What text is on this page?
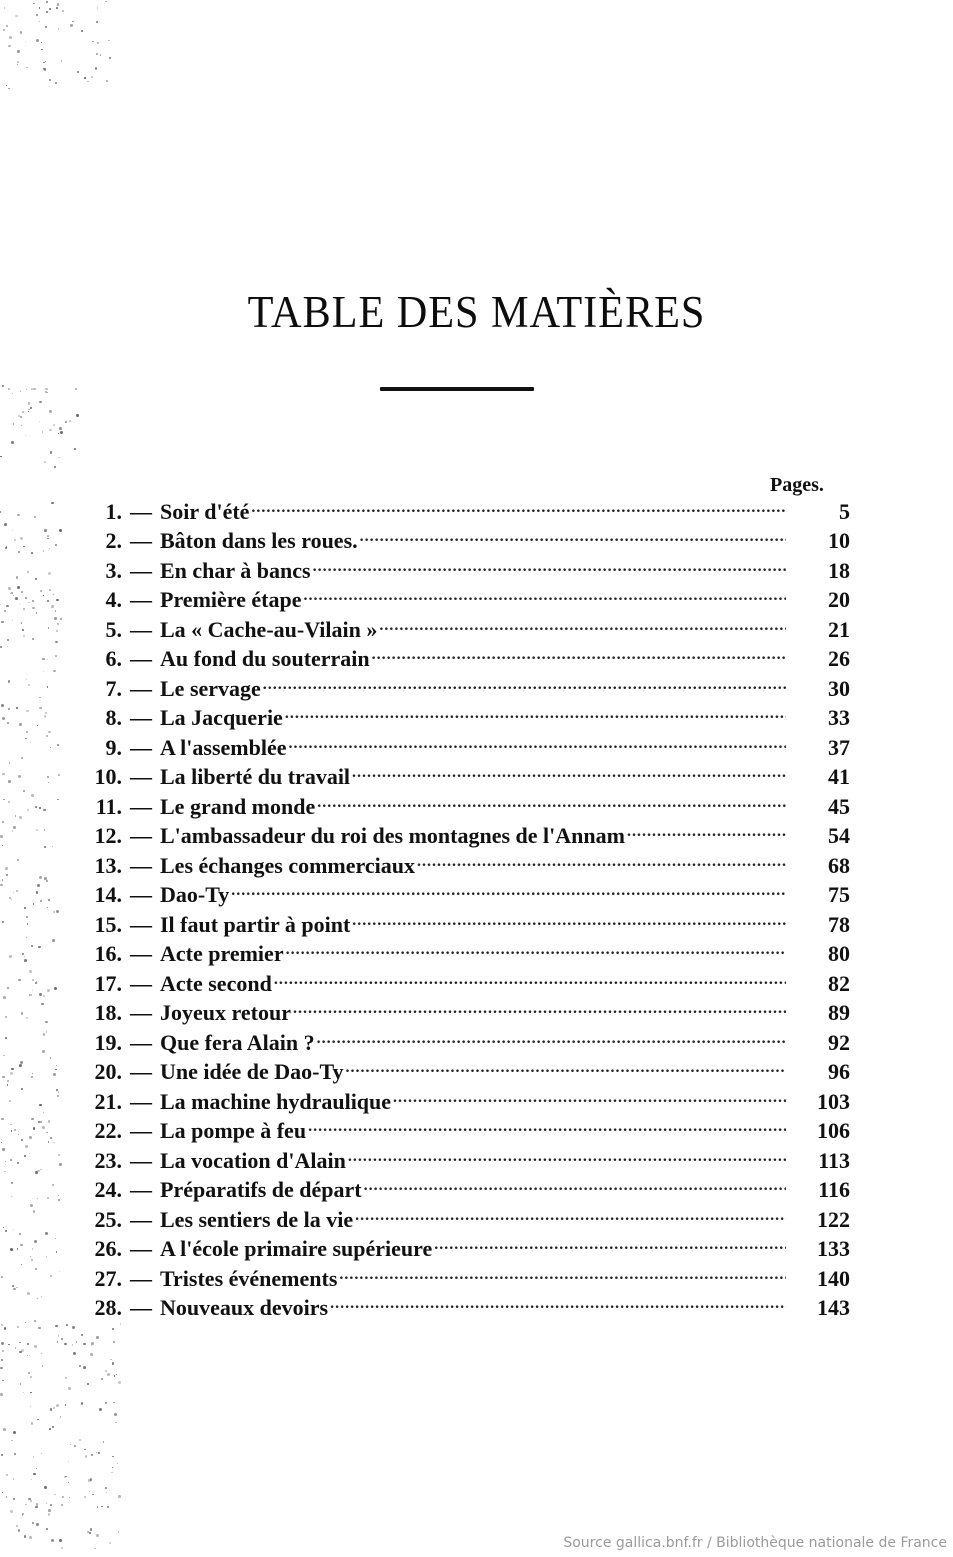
TABLE DES MATIÈRES
Pages.
1. — Soir d'été . . .	5
2. — Bâton dans les roues. . . .	10
3. — En char à bancs . . .	18
4. — Première étape . . .	20
5. — La « Cache-au-Vilain » . . .	21
6. — Au fond du souterrain . . .	26
7. — Le servage . . .	30
8. — La Jacquerie . . .	33
9. — A l'assemblée . . .	37
10. — La liberté du travail . . .	41
11. — Le grand monde . . .	45
12. — L'ambassadeur du roi des montagnes de l'Annam . . .	54
13. — Les échanges commerciaux . . .	68
14. — Dao-Ty . . .	75
15. — Il faut partir à point . . .	78
16. — Acte premier . . .	80
17. — Acte second . . .	82
18. — Joyeux retour . . .	89
19. — Que fera Alain ? . . .	92
20. — Une idée de Dao-Ty . . .	96
21. — La machine hydraulique . . .	103
22. — La pompe à feu . . .	106
23. — La vocation d'Alain . . .	113
24. — Préparatifs de départ . . .	116
25. — Les sentiers de la vie . . .	122
26. — A l'école primaire supérieure . . .	133
27. — Tristes événements . . .	140
28. — Nouveaux devoirs . . .	143
Source gallica.bnf.fr / Bibliothèque nationale de France
